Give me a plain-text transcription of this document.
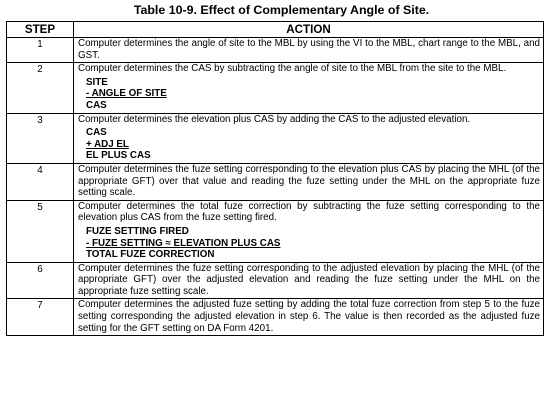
Table 10-9. Effect of Complementary Angle of Site.
STEP	ACTION
1	Computer determines the angle of site to the MBL by using the VI to the MBL, chart range to the MBL, and GST.

2	Computer determines the CAS by subtracting the angle of site to the MBL from the site to the MBL.

SITE
- ANGLE OF SITE
CAS

3	Computer determines the elevation plus CAS by adding the CAS to the adjusted elevation.

CAS
+ ADJ EL
EL PLUS CAS

4	Computer determines the fuze setting corresponding to the elevation plus CAS by placing the MHL (of the appropriate GFT) over that value and reading the fuze setting under the MHL on the appropriate fuze setting scale.

5	Computer determines the total fuze correction by subtracting the fuze setting corresponding to the elevation plus CAS from the fuze setting fired.

FUZE SETTING FIRED
- FUZE SETTING ≈ ELEVATION PLUS CAS
TOTAL FUZE CORRECTION

6	Computer determines the fuze setting corresponding to the adjusted elevation by placing the MHL (of the appropriate GFT) over the adjusted elevation and reading the fuze setting under the MHL on the appropriate fuze setting scale.

7	Computer determines the adjusted fuze setting by adding the total fuze correction from step 5 to the fuze setting corresponding the adjusted elevation in step 6. The value is then recorded as the adjusted fuze setting for the GFT setting on DA Form 4201.
